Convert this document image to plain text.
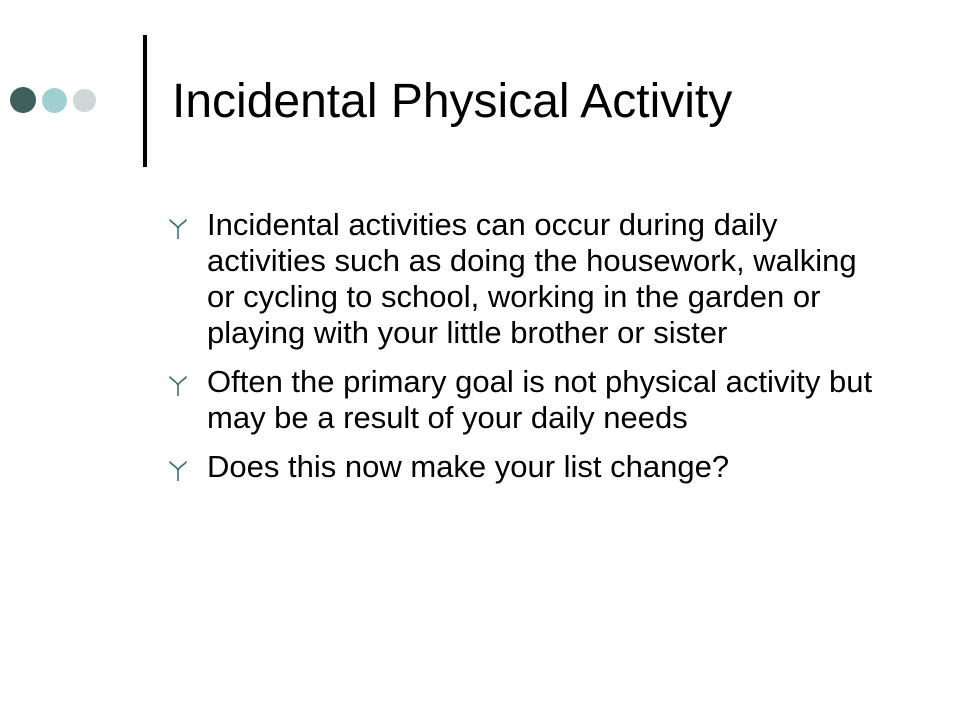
Incidental Physical Activity
Incidental activities can occur during daily activities such as doing the housework, walking or cycling to school, working in the garden or playing with your little brother or sister
Often the primary goal is not physical activity but may be a result of your daily needs
Does this now make your list change?
